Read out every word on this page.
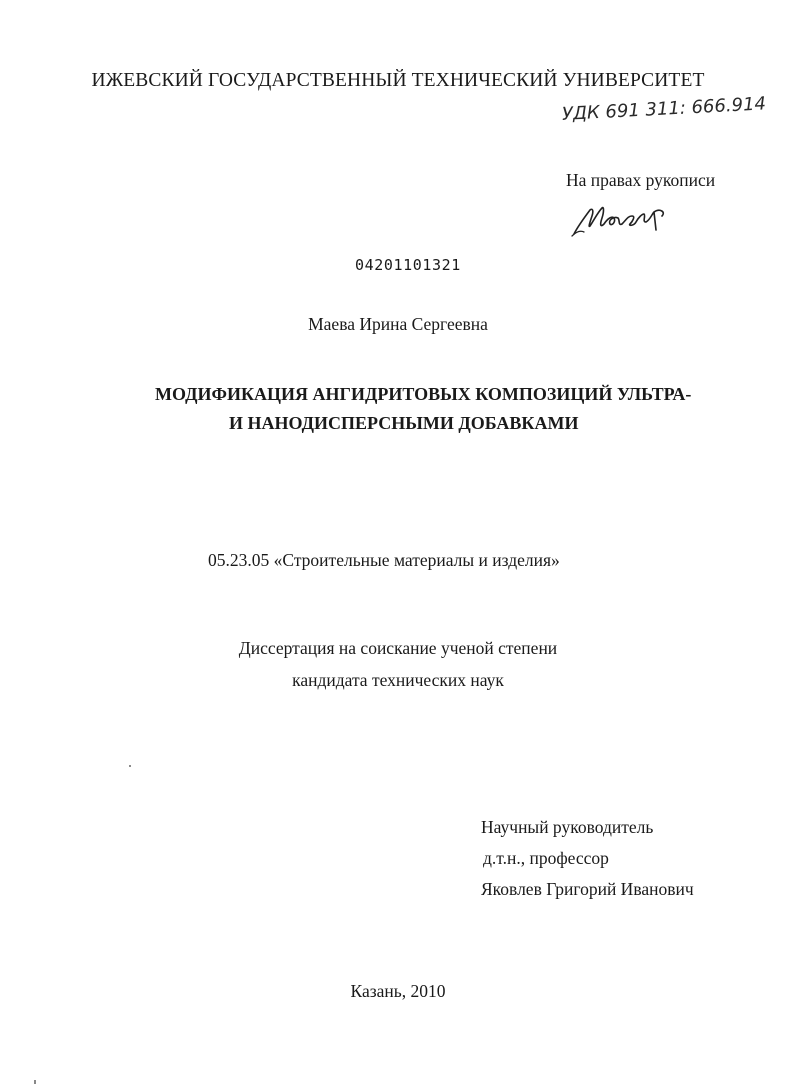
ИЖЕВСКИЙ ГОСУДАРСТВЕННЫЙ ТЕХНИЧЕСКИЙ УНИВЕРСИТЕТ
УДК 691 311: 666.914
На правах рукописи
04201101321
Маева Ирина Сергеевна
МОДИФИКАЦИЯ АНГИДРИТОВЫХ КОМПОЗИЦИЙ УЛЬТРА-
И НАНОДИСПЕРСНЫМИ ДОБАВКАМИ
05.23.05 «Строительные материалы и изделия»
Диссертация на соискание ученой степени
кандидата технических наук
Научный руководитель
д.т.н., профессор
Яковлев Григорий Иванович
Казань, 2010
